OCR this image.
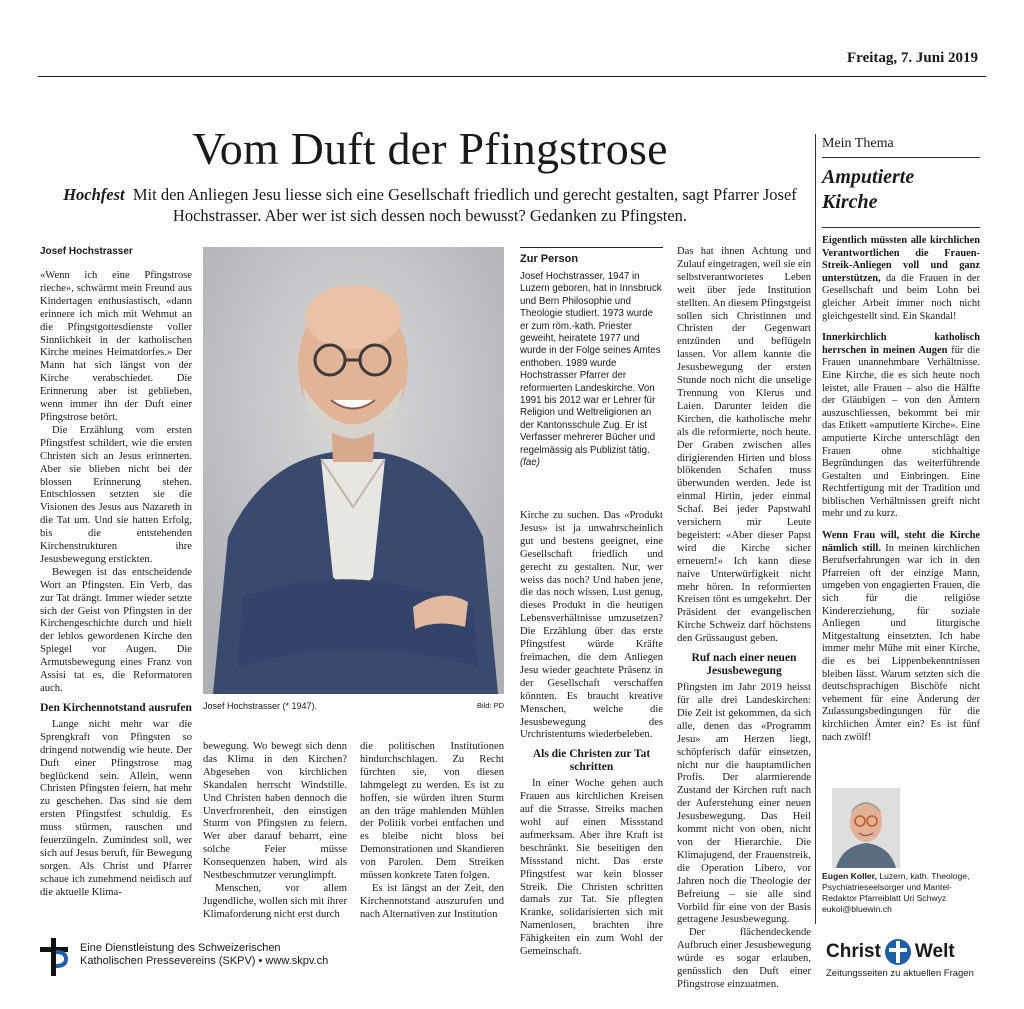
Freitag, 7. Juni 2019
Vom Duft der Pfingstrose
Hochfest Mit den Anliegen Jesu liesse sich eine Gesellschaft friedlich und gerecht gestalten, sagt Pfarrer Josef Hochstrasser. Aber wer ist sich dessen noch bewusst? Gedanken zu Pfingsten.
Josef Hochstrasser

«Wenn ich eine Pfingstrose rieche», schwärmt mein Freund aus Kindertagen enthusiastisch, «dann erinnere ich mich mit Wehmut an die Pfingstgottesdienste voller Sinnlichkeit in der katholischen Kirche meines Heimatdorfes.» Der Mann hat sich längst von der Kirche verabschiedet. Die Erinnerung aber ist geblieben, wenn immer ihn der Duft einer Pfingstrose betört.

Die Erzählung vom ersten Pfingstfest schildert, wie die ersten Christen sich an Jesus erinnerten. Aber sie blieben nicht bei der blossen Erinnerung stehen. Entschlossen setzten sie die Visionen des Jesus aus Nazareth in die Tat um. Und sie hatten Erfolg, bis die entstehenden Kirchenstrukturen ihre Jesusbewegung erstickten.

Bewegen ist das entscheidende Wort an Pfingsten. Ein Verb, das zur Tat drängt. Immer wieder setzte sich der Geist von Pfingsten in der Kirchengeschichte durch und hielt der leblos gewordenen Kirche den Spiegel vor Augen. Die Armutsbewegung eines Franz von Assisi tat es, die Reformatoren auch.

Den Kirchennotstand ausrufen

Lange nicht mehr war die Sprengkraft von Pfingsten so dringend notwendig wie heute. Der Duft einer Pfingstrose mag beglückend sein. Allein, wenn Christen Pfingsten feiern, hat mehr zu geschehen. Das sind sie dem ersten Pfingstfest schuldig. Es muss stürmen, rauschen und feuerzüngeln. Zumindest soll, wer sich auf Jesus beruft, für Bewegung sorgen. Als Christ und Pfarrer schaue ich zunehmend neidisch auf die aktuelle Klima-

Josef Hochstrasser (* 1947).	Bild: PD

bewegung. Wo bewegt sich denn das Klima in den Kirchen? Abgesehen von kirchlichen Skandalen herrscht Windstille. Und Christen haben dennoch die Unverfrorenheit, den einstigen Sturm von Pfingsten zu feiern. Wer aber darauf beharrt, eine solche Feier müsse Konsequenzen haben, wird als Nestbeschmutzer verunglimpft.

Menschen, vor allem Jugendliche, wollen sich mit ihrer Klimaforderung nicht erst durch

die politischen Institutionen hindurchschlagen. Zu Recht fürchten sie, von diesen lahmgelegt zu werden. Es ist zu hoffen, sie würden ihren Sturm an den träge mahlenden Mühlen der Politik vorbei entfachen und es bleibe nicht bloss bei Demonstrationen und Skandieren von Parolen. Dem Streiken müssen konkrete Taten folgen.

Es ist längst an der Zeit, den Kirchennotstand auszurufen und nach Alternativen zur Institution

Zur Person
Josef Hochstrasser, 1947 in Luzern geboren, hat in Innsbruck und Bern Philosophie und Theologie studiert. 1973 wurde er zum röm.-kath. Priester geweiht, heiratete 1977 und wurde in der Folge seines Amtes enthoben. 1989 wurde Hochstrasser Pfarrer der reformierten Landeskirche. Von 1991 bis 2012 war er Lehrer für Religion und Weltreligionen an der Kantonsschule Zug. Er ist Verfasser mehrerer Bücher und regelmässig als Publizist tätig. (fae)

Kirche zu suchen. Das «Produkt Jesus» ist ja unwahrscheinlich gut und bestens geeignet, eine Gesellschaft friedlich und gerecht zu gestalten. Nur, wer weiss das noch? Und haben jene, die das noch wissen, Lust genug, dieses Produkt in die heutigen Lebensverhältnisse umzusetzen? Die Erzählung über das erste Pfingstfest würde Kräfte freimachen, die dem Anliegen Jesu wieder geachtete Präsenz in der Gesellschaft verschaffen könnten. Es braucht kreative Menschen, welche die Jesusbewegung des Urchristentums wiederbeleben.

Als die Christen zur Tat schritten

In einer Woche gehen auch Frauen aus kirchlichen Kreisen auf die Strasse. Streiks machen wohl auf einen Missstand aufmerksam. Aber ihre Kraft ist beschränkt. Sie beseitigen den Missstand nicht. Das erste Pfingstfest war kein blosser Streik. Die Christen schritten damals zur Tat. Sie pflegten Kranke, solidarisierten sich mit Namenlosen, brachten ihre Fähigkeiten ein zum Wohl der Gemeinschaft.

Das hat ihnen Achtung und Zulauf eingetragen, weil sie ein selbstverantwortetes Leben weit über jede Institution stellten. An diesem Pfingstgeist sollen sich Christinnen und Christen der Gegenwart entzünden und beflügeln lassen. Vor allem kannte die Jesusbewegung der ersten Stunde noch nicht die unselige Trennung von Klerus und Laien. Darunter leiden die Kirchen, die katholische mehr als die reformierte, noch heute. Der Graben zwischen alles dirigierenden Hirten und bloss blökenden Schafen muss überwunden werden. Jede ist einmal Hirtin, jeder einmal Schaf. Bei jeder Papstwahl versichern mir Leute begeistert: «Aber dieser Papst wird die Kirche sicher erneuern!» Ich kann diese naive Unterwürfigkeit nicht mehr hören. In reformierten Kreisen tönt es umgekehrt. Der Präsident der evangelischen Kirche Schweiz darf höchstens den Grüssaugust geben.

Ruf nach einer neuen Jesusbewegung

Pfingsten im Jahr 2019 heisst für alle drei Landeskirchen: Die Zeit ist gekommen, da sich alle, denen das «Programm Jesu» am Herzen liegt, schöpferisch dafür einsetzen, nicht nur die hauptamtlichen Profis. Der alarmierende Zustand der Kirchen ruft nach der Auferstehung einer neuen Jesusbewegung. Das Heil kommt nicht von oben, nicht von der Hierarchie. Die Klimajugend, der Frauenstreik, die Operation Libero, vor Jahren noch die Theologie der Befreiung – sie alle sind Vorbild für eine von der Basis getragene Jesusbewegung.

Der flächendeckende Aufbruch einer Jesusbewegung würde es sogar erlauben, genüsslich den Duft einer Pfingstrose einzuatmen.

Mein Thema
Amputierte
Kirche

Eigentlich müssten alle kirchlichen Verantwortlichen die Frauen-Streik-Anliegen voll und ganz unterstützen, da die Frauen in der Gesellschaft und beim Lohn bei gleicher Arbeit immer noch nicht gleichgestellt sind. Ein Skandal!

Innerkirchlich katholisch herrschen in meinen Augen für die Frauen unannehmbare Verhältnisse. Eine Kirche, die es sich heute noch leistet, alle Frauen – also die Hälfte der Gläubigen – von den Ämtern auszuschliessen, bekommt bei mir das Etikett «amputierte Kirche». Eine amputierte Kirche unterschlägt den Frauen ohne stichhaltige Begründungen das weiterführende Gestalten und Einbringen. Eine Rechtfertigung mit der Tradition und biblischen Verhältnissen greift nicht mehr und zu kurz.

Wenn Frau will, steht die Kirche nämlich still. In meinen kirchlichen Berufserfahrungen war ich in den Pfarreien oft der einzige Mann, umgeben von engagierten Frauen, die sich für die religiöse Kindererziehung, für soziale Anliegen und liturgische Mitgestaltung einsetzten. Ich habe immer mehr Mühe mit einer Kirche, die es bei Lippenbekenntnissen bleiben lässt. Warum setzten sich die deutschsprachigen Bischöfe nicht vehement für eine Änderung der Zulassungsbedingungen für die kirchlichen Ämter ein? Es ist fünf nach zwölf!

Eugen Koller, Luzern, kath. Theologe, Psychiatrieseelsorger und Mantel-Redaktor Pfarreiblatt Uri Schwyz
eukol@bluewin.ch
Eine Dienstleistung des Schweizerischen
Katholischen Pressevereins (SKPV) • www.skpv.ch	Christ Welt
Zeitungsseiten zu aktuellen Fragen
